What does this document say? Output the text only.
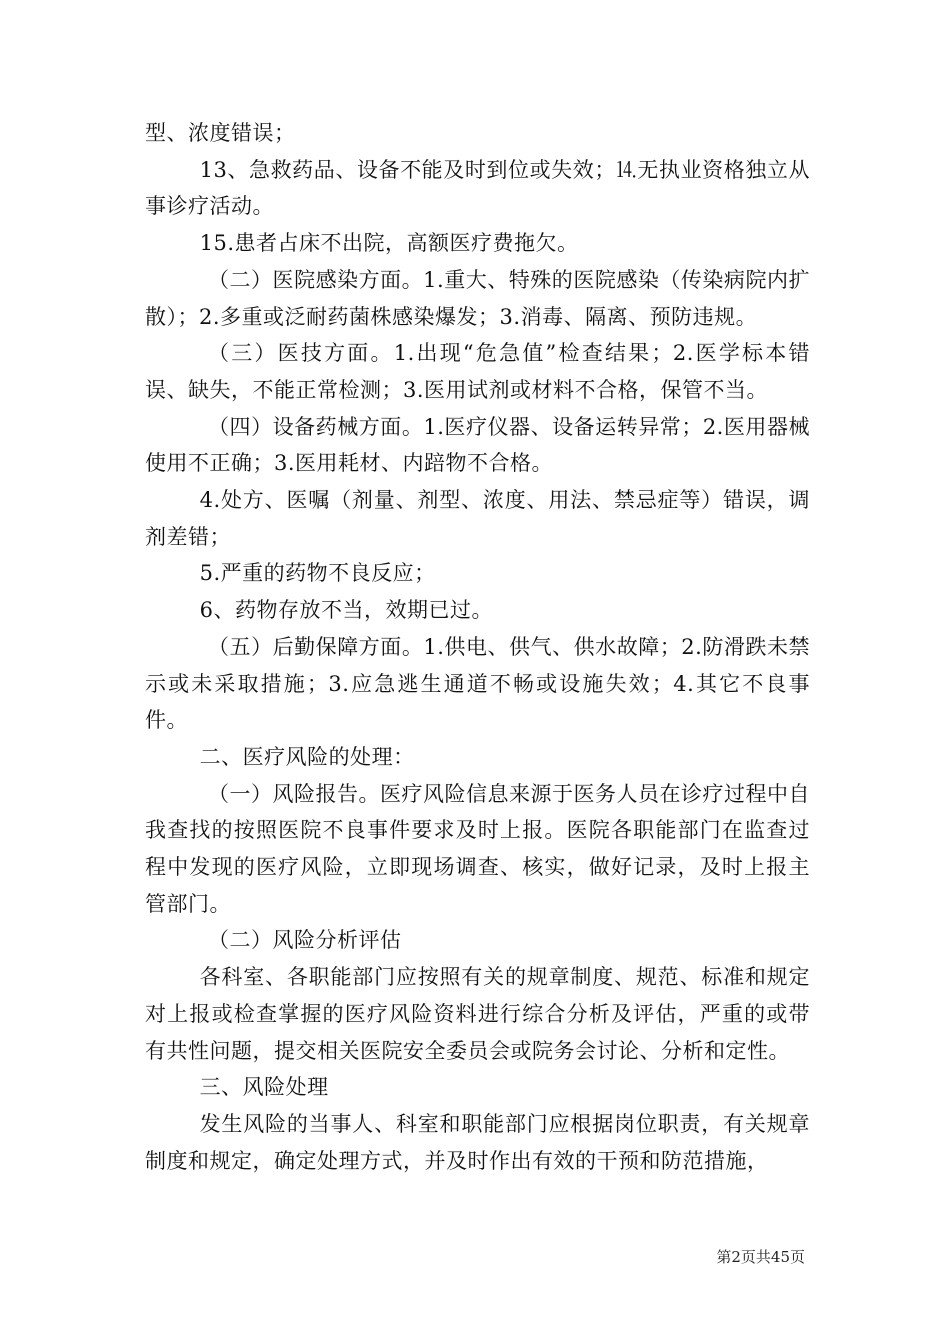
型、浓度错误；

13、急救药品、设备不能及时到位或失效；⒕无执业资格独立从事诊疗活动。

15.患者占床不出院，高额医疗费拖欠。

（二）医院感染方面。1.重大、特殊的医院感染（传染病院内扩散）；2.多重或泛耐药菌株感染爆发；3.消毒、隔离、预防违规。

（三）医技方面。1.出现“危急值”检查结果；2.医学标本错误、缺失，不能正常检测；3.医用试剂或材料不合格，保管不当。

（四）设备药械方面。1.医疗仪器、设备运转异常；2.医用器械使用不正确；3.医用耗材、内踣物不合格。

4.处方、医嘱（剂量、剂型、浓度、用法、禁忌症等）错误，调剂差错；

5.严重的药物不良反应；

6、药物存放不当，效期已过。

（五）后勤保障方面。1.供电、供气、供水故障；2.防滑跌未禁示或未采取措施；3.应急逃生通道不畅或设施失效；4.其它不良事件。

二、医疗风险的处理：

（一）风险报告。医疗风险信息来源于医务人员在诊疗过程中自我查找的按照医院不良事件要求及时上报。医院各职能部门在监查过程中发现的医疗风险，立即现场调查、核实，做好记录，及时上报主管部门。

（二）风险分析评估

各科室、各职能部门应按照有关的规章制度、规范、标准和规定对上报或检查掌握的医疗风险资料进行综合分析及评估，严重的或带有共性问题，提交相关医院安全委员会或院务会讨论、分析和定性。

三、风险处理

发生风险的当事人、科室和职能部门应根据岗位职责，有关规章制度和规定，确定处理方式，并及时作出有效的干预和防范措施，

第2页共45页
